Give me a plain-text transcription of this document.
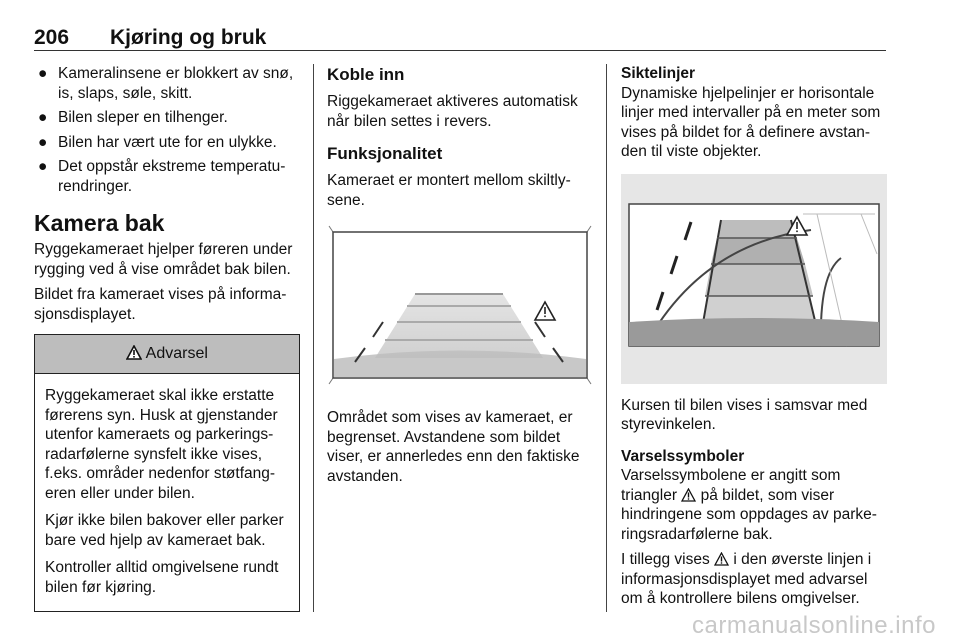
206 Kjøring og bruk
● Kameralinsene er blokkert av snø, is, slaps, søle, skitt.
● Bilen sleper en tilhenger.
● Bilen har vært ute for en ulykke.
● Det oppstår ekstreme temperatu-rendringer.
Kamera bak

Ryggekameraet hjelper føreren under rygging ved å vise området bak bilen.

Bildet fra kameraet vises på informa-sjonsdisplayet.

Advarsel

Ryggekameraet skal ikke erstatte førerens syn. Husk at gjenstander utenfor kameraets og parkerings-radarfølerne synsfelt ikke vises, f.eks. områder nedenfor støtfang-eren eller under bilen.

Kjør ikke bilen bakover eller parker bare ved hjelp av kameraet bak.

Kontroller alltid omgivelsene rundt bilen før kjøring.

Koble inn

Riggekameraet aktiveres automatisk når bilen settes i revers.

Funksjonalitet

Kameraet er montert mellom skiltly-sene.

Området som vises av kameraet, er begrenset. Avstandene som bildet viser, er annerledes enn den faktiske avstanden.

Siktelinjer

Dynamiske hjelpelinjer er horisontale linjer med intervaller på en meter som vises på bildet for å definere avstan-den til viste objekter.

Kursen til bilen vises i samsvar med styrevinkelen.

Varselssymboler

Varselssymbolene er angitt som triangler på bildet, som viser hindringene som oppdages av parke-ringsradarfølerne bak.

I tillegg vises i den øverste linjen i informasjonsdisplayet med advarsel om å kontrollere bilens omgivelser.

carmanualsonline.info
